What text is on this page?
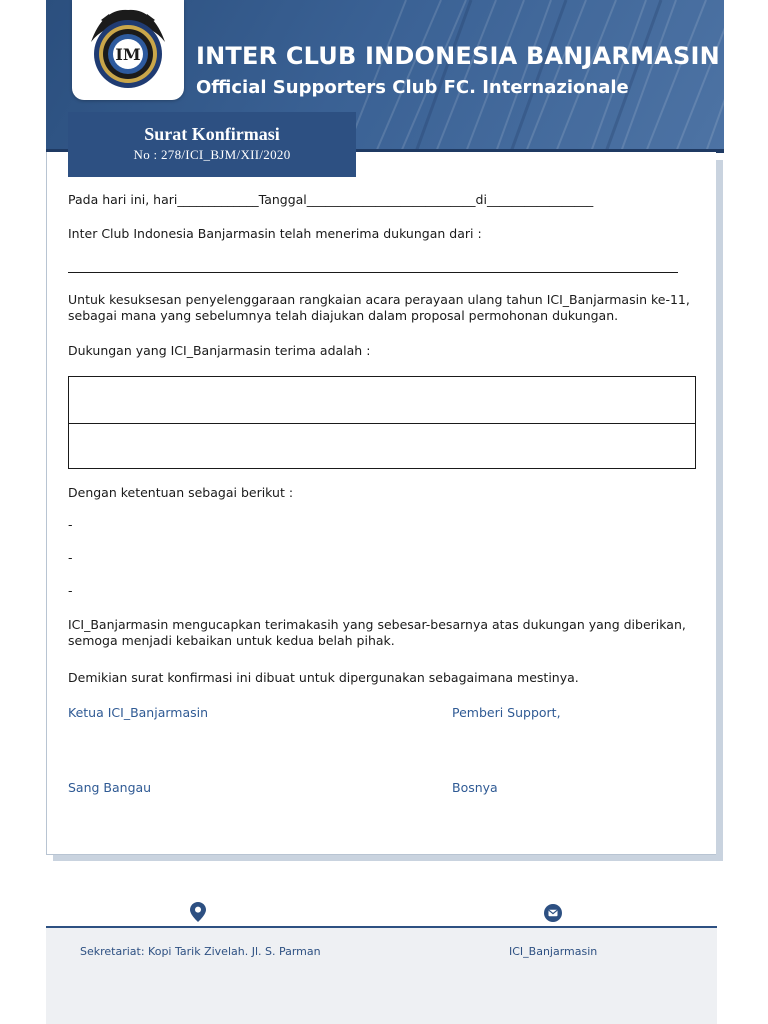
IM INTER CLUB INDONESIA BANJARMASIN
Official Supporters Club FC. Internazionale
Surat Konfirmasi
No : 278/ICI_BJM/XII/2020

Pada hari ini, hari_____________Tanggal___________________________di_________________

Inter Club Indonesia Banjarmasin telah menerima dukungan dari :

Untuk kesuksesan penyelenggaraan rangkaian acara perayaan ulang tahun ICI_Banjarmasin ke-11, sebagai mana yang sebelumnya telah diajukan dalam proposal permohonan dukungan.

Dukungan yang ICI_Banjarmasin terima adalah :

Dengan ketentuan sebagai berikut :

-

-

-

ICI_Banjarmasin mengucapkan terimakasih yang sebesar-besarnya atas dukungan yang diberikan, semoga menjadi kebaikan untuk kedua belah pihak.

Demikian surat konfirmasi ini dibuat untuk dipergunakan sebagaimana mestinya.

Ketua ICI_Banjarmasin	Pemberi Support,

Sang Bangau	Bosnya

Sekretariat: Kopi Tarik Zivelah. Jl. S. Parman	ICI_Banjarmasin
